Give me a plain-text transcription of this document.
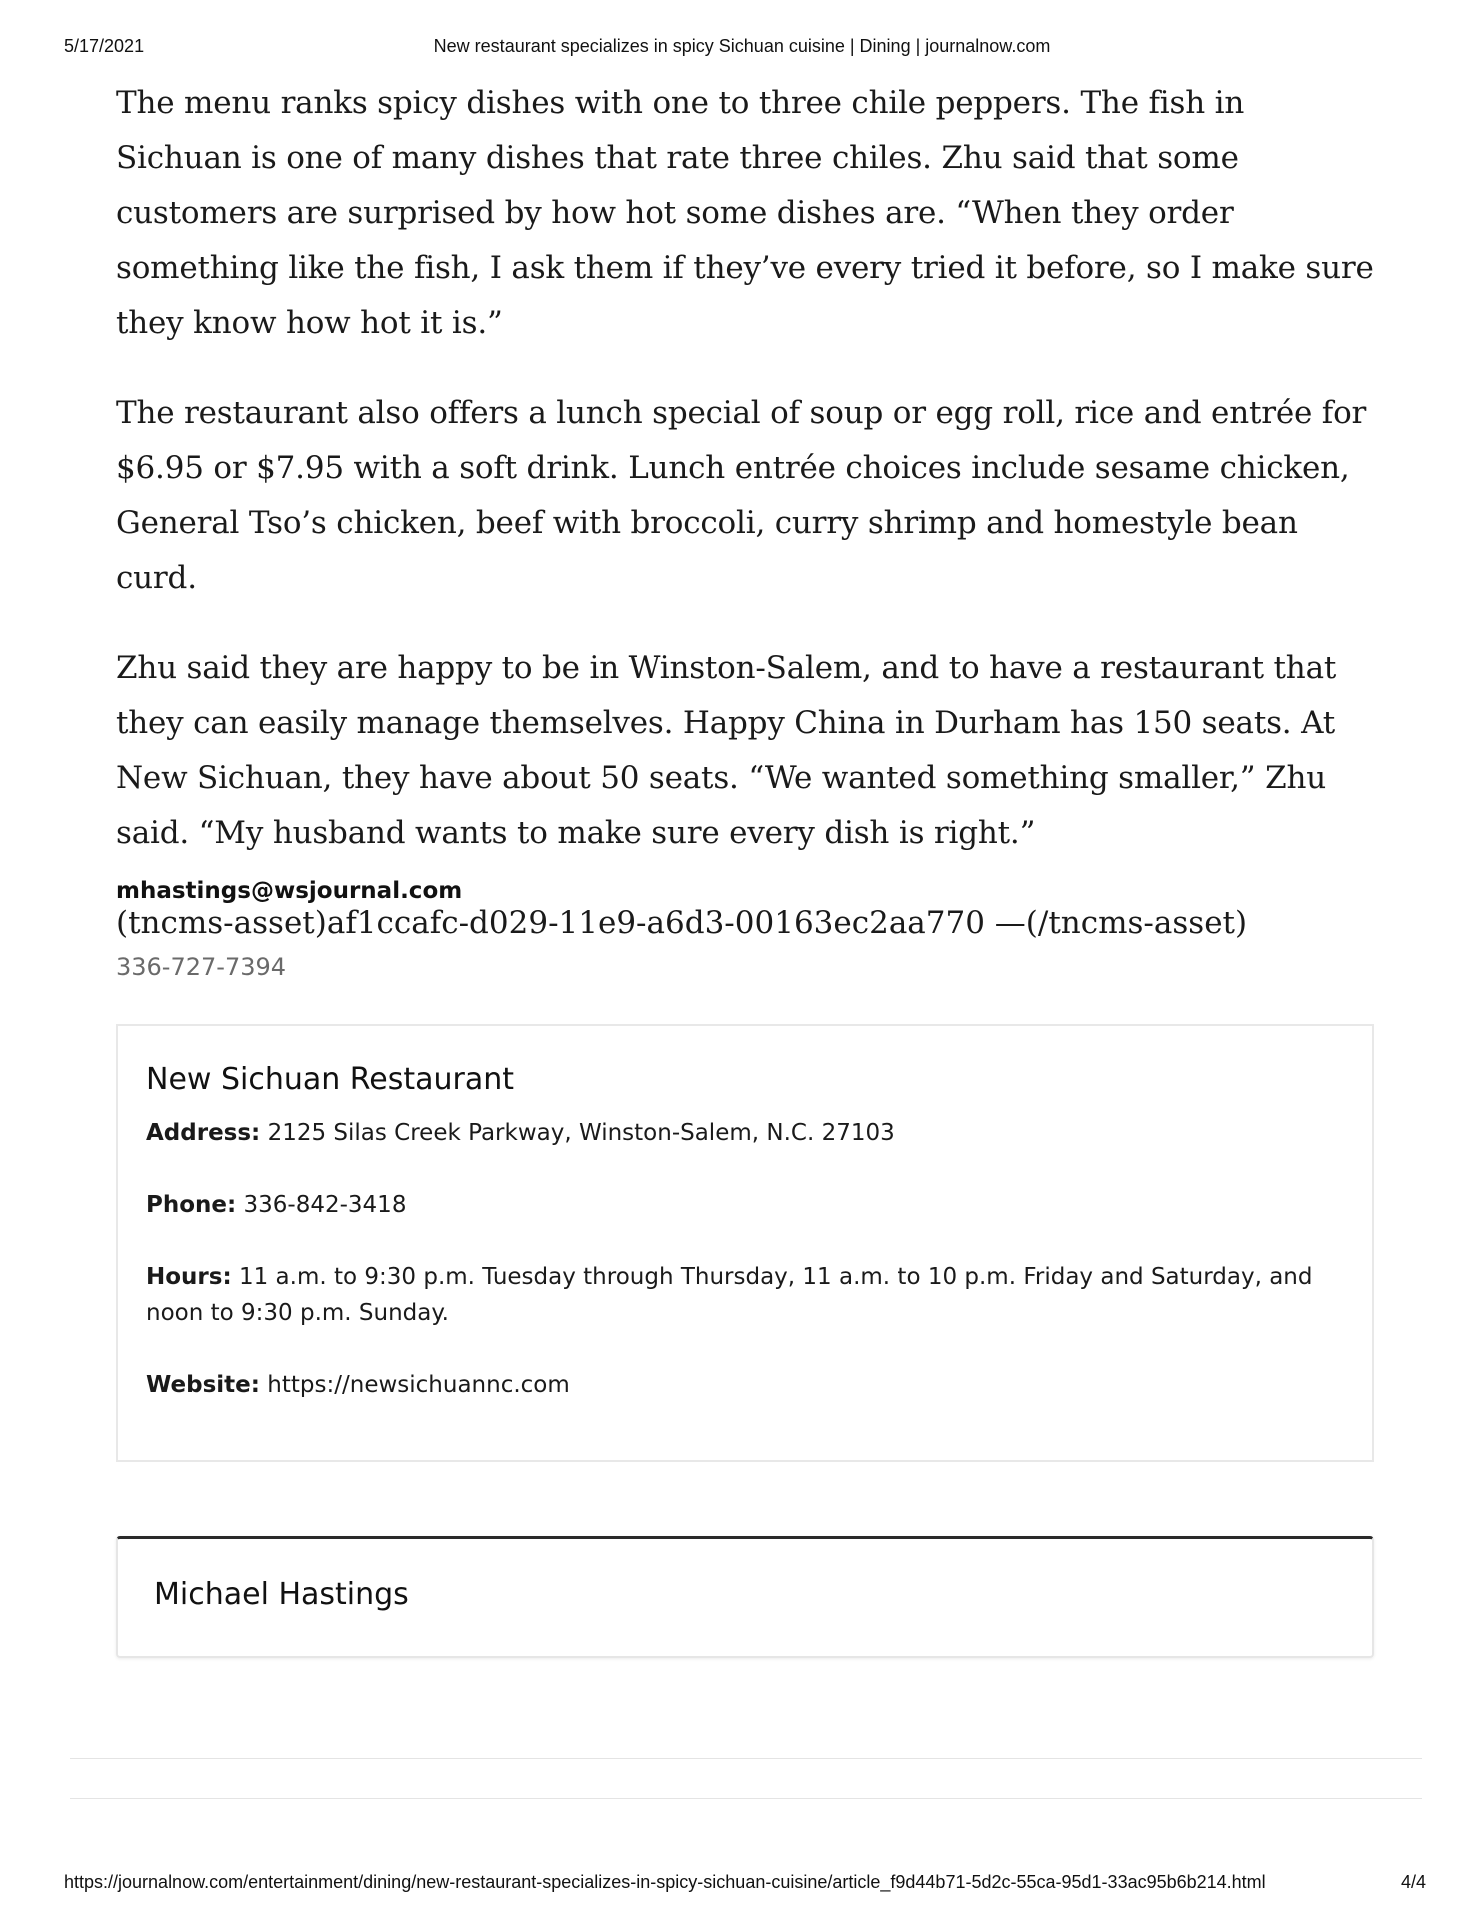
5/17/2021	New restaurant specializes in spicy Sichuan cuisine | Dining | journalnow.com

The menu ranks spicy dishes with one to three chile peppers. The fish in Sichuan is one of many dishes that rate three chiles. Zhu said that some customers are surprised by how hot some dishes are. “When they order something like the fish, I ask them if they’ve every tried it before, so I make sure they know how hot it is.”

The restaurant also offers a lunch special of soup or egg roll, rice and entrée for $6.95 or $7.95 with a soft drink. Lunch entrée choices include sesame chicken, General Tso’s chicken, beef with broccoli, curry shrimp and homestyle bean curd.

Zhu said they are happy to be in Winston-Salem, and to have a restaurant that they can easily manage themselves. Happy China in Durham has 150 seats. At New Sichuan, they have about 50 seats. “We wanted something smaller,” Zhu said. “My husband wants to make sure every dish is right.”

(tncms-asset)af1ccafc-d029-11e9-a6d3-00163ec2aa770 —(/tncms-asset)

mhastings@wsjournal.com
336-727-7394
New Sichuan Restaurant
Address: 2125 Silas Creek Parkway, Winston-Salem, N.C. 27103
Phone: 336-842-3418
Hours: 11 a.m. to 9:30 p.m. Tuesday through Thursday, 11 a.m. to 10 p.m. Friday and Saturday, and noon to 9:30 p.m. Sunday.
Website: https://newsichuannc.com
Michael Hastings
https://journalnow.com/entertainment/dining/new-restaurant-specializes-in-spicy-sichuan-cuisine/article_f9d44b71-5d2c-55ca-95d1-33ac95b6b214.html	4/4
